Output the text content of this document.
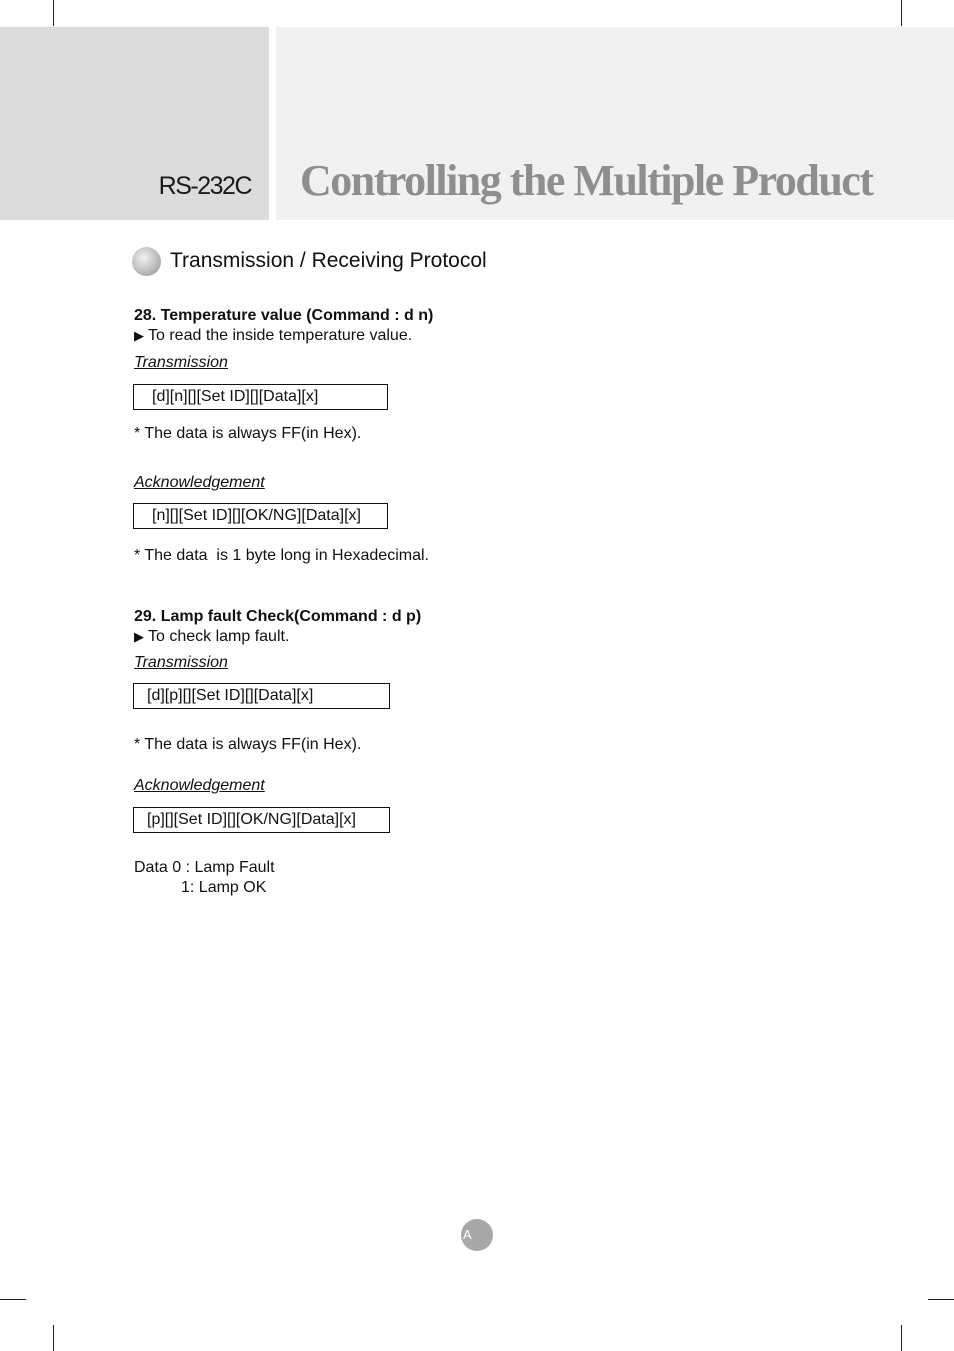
RS-232C Controlling the Multiple Product
Transmission / Receiving Protocol
28. Temperature value (Command : d n)
▶ To read the inside temperature value.
Transmission
[d][n][][Set ID][][Data][x]
* The data is always FF(in Hex).
Acknowledgement
[n][][Set ID][][OK/NG][Data][x]
* The data  is 1 byte long in Hexadecimal.
29. Lamp fault Check(Command : d p)
▶ To check lamp fault.
Transmission
[d][p][][Set ID][][Data][x]
* The data is always FF(in Hex).
Acknowledgement
[p][][Set ID][][OK/NG][Data][x]
Data 0 : Lamp Fault
1: Lamp OK
A
